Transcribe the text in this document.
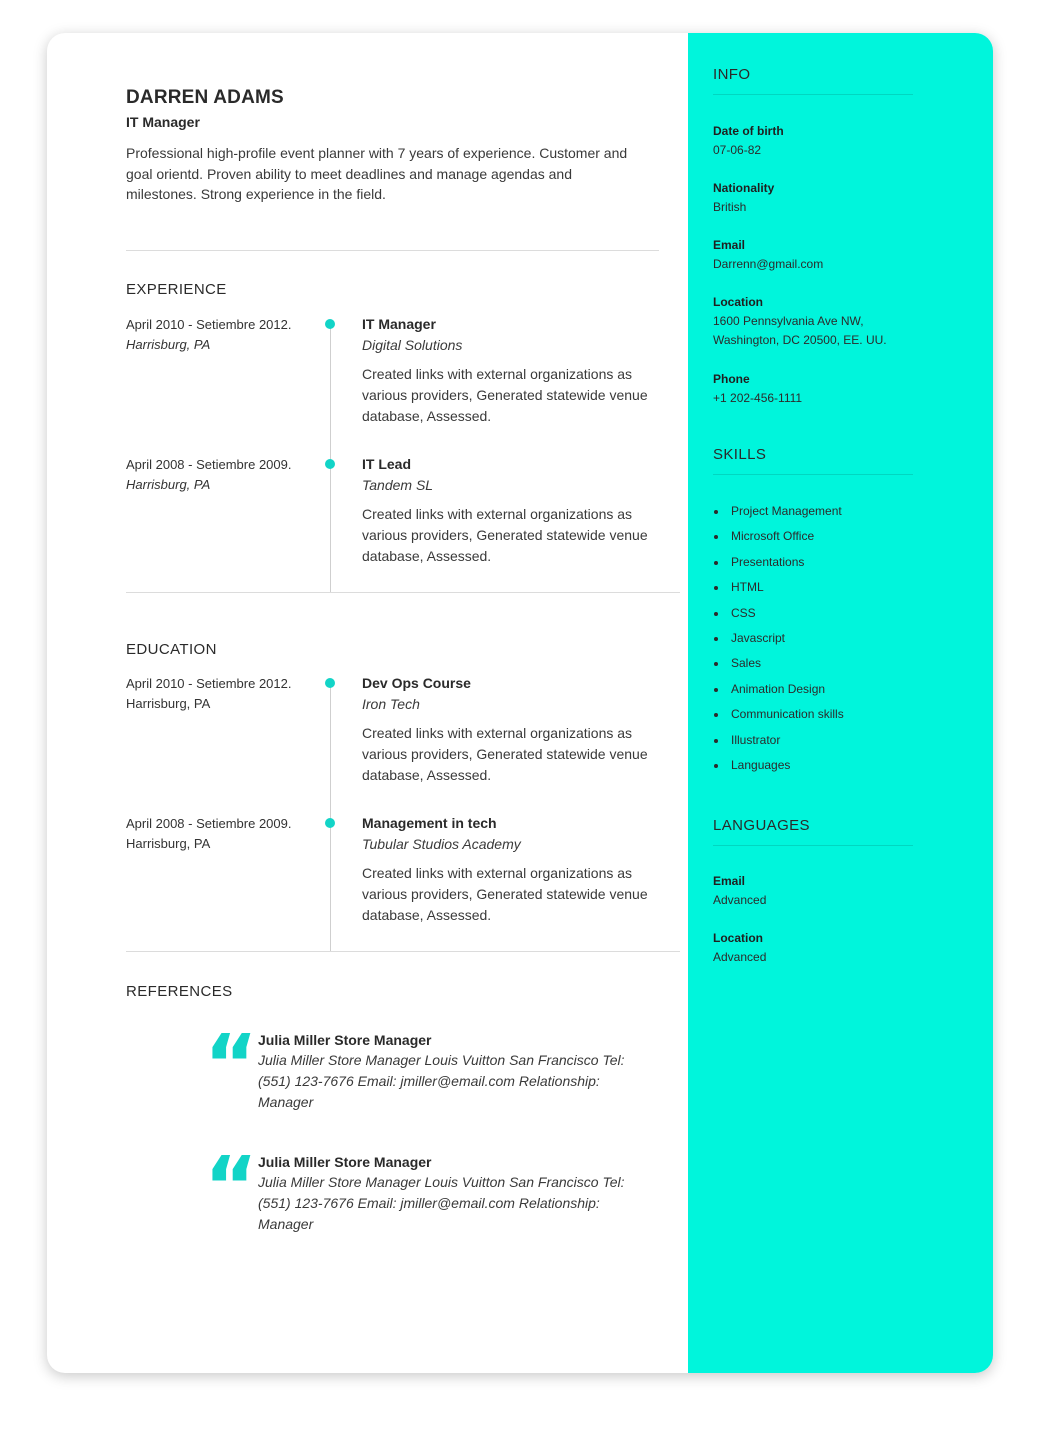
DARREN ADAMS
IT Manager
Professional high-profile event planner with 7 years of experience. Customer and goal orientd. Proven ability to meet deadlines and manage agendas and milestones. Strong experience in the field.
EXPERIENCE
April 2010 - Setiembre 2012.
Harrisburg, PA
IT Manager
Digital Solutions
Created links with external organizations as various providers, Generated statewide venue database, Assessed.
April 2008 - Setiembre 2009.
Harrisburg, PA
IT Lead
Tandem SL
Created links with external organizations as various providers, Generated statewide venue database, Assessed.
EDUCATION
April 2010 - Setiembre 2012.
Harrisburg, PA
Dev Ops Course
Iron Tech
Created links with external organizations as various providers, Generated statewide venue database, Assessed.
April 2008 - Setiembre 2009.
Harrisburg, PA
Management in tech
Tubular Studios Academy
Created links with external organizations as various providers, Generated statewide venue database, Assessed.
REFERENCES
“ Julia Miller Store Manager
Julia Miller Store Manager Louis Vuitton San Francisco Tel: (551) 123-7676 Email: jmiller@email.com Relationship: Manager
“ Julia Miller Store Manager
Julia Miller Store Manager Louis Vuitton San Francisco Tel: (551) 123-7676 Email: jmiller@email.com Relationship: Manager
INFO
Date of birth
07-06-82
Nationality
British
Email
Darrenn@gmail.com
Location
1600 Pennsylvania Ave NW, Washington, DC 20500, EE. UU.
Phone
+1 202-456-1111
SKILLS
Project Management
Microsoft Office
Presentations
HTML
CSS
Javascript
Sales
Animation Design
Communication skills
Illustrator
Languages
LANGUAGES
Email
Advanced
Location
Advanced
